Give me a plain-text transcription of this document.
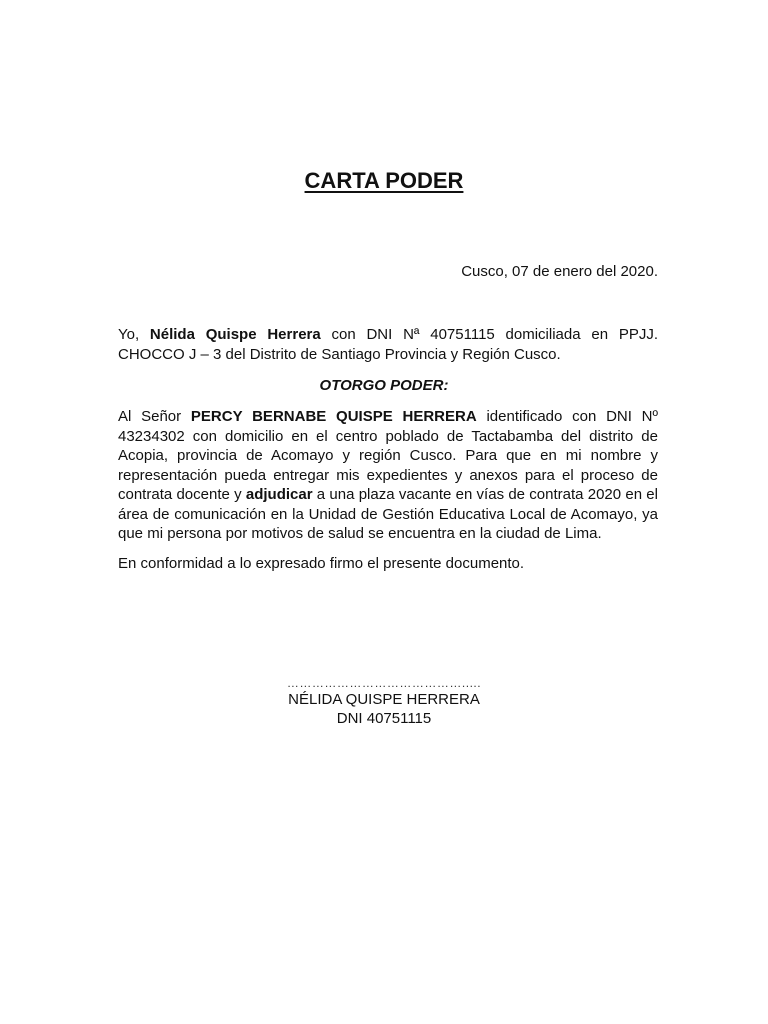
CARTA PODER

Cusco, 07 de enero del 2020.

Yo, Nélida Quispe Herrera con DNI Nª 40751115 domiciliada en PPJJ. CHOCCO J – 3 del Distrito de Santiago Provincia y Región Cusco.

OTORGO PODER:

Al Señor PERCY BERNABE QUISPE HERRERA identificado con DNI Nº 43234302 con domicilio en el centro poblado de Tactabamba del distrito de Acopia, provincia de Acomayo y región Cusco. Para que en mi nombre y representación pueda entregar mis expedientes y anexos para el proceso de contrata docente y adjudicar a una plaza vacante en vías de contrata 2020 en el área de comunicación en la Unidad de Gestión Educativa Local de Acomayo, ya que mi persona por motivos de salud se encuentra en la ciudad de Lima.

En conformidad a lo expresado firmo el presente documento.

…………………………………….....
NÉLIDA QUISPE HERRERA
DNI 40751115
